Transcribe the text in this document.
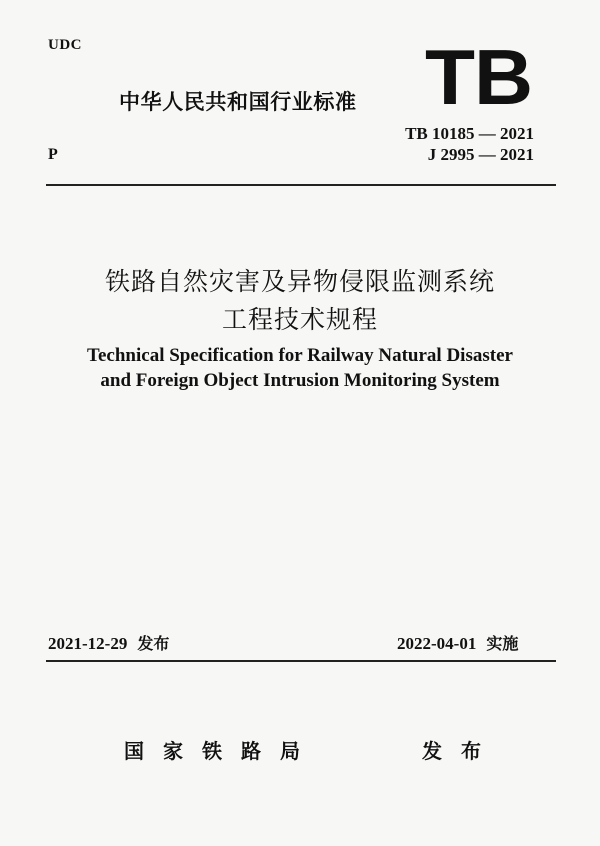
UDC
中华人民共和国行业标准 TB
TB 10185 — 2021
J 2995 — 2021
P
铁路自然灾害及异物侵限监测系统
工程技术规程
Technical Specification for Railway Natural Disaster
and Foreign Object Intrusion Monitoring System
2021-12-29 发布	2022-04-01 实施
国家铁路局	发布
